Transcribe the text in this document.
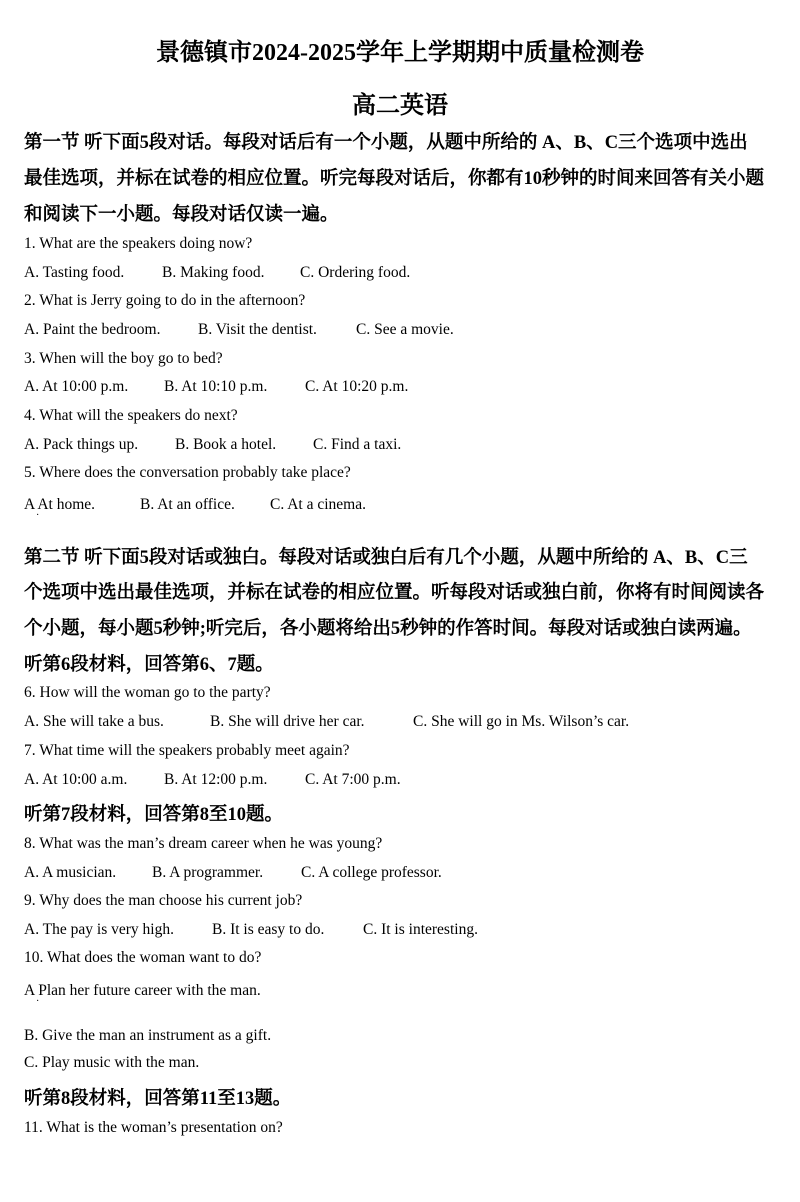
景德镇市2024-2025学年上学期期中质量检测卷
高二英语
第一节 听下面5段对话。每段对话后有一个小题，从题中所给的 A、B、C三个选项中选出
最佳选项，并标在试卷的相应位置。听完每段对话后，你都有10秒钟的时间来回答有关小题
和阅读下一小题。每段对话仅读一遍。
1. What are the speakers doing now?
A. Tasting food. B. Making food. C. Ordering food.
2. What is Jerry going to do in the afternoon?
A. Paint the bedroom. B. Visit the dentist.	C. See a movie.
3. When will the boy go to bed?
A. At 10:00 p.m. B. At 10:10 p.m. C. At 10:20 p.m.
4. What will the speakers do next?
A. Pack things up. B. Book a hotel. C. Find a taxi.
5. Where does the conversation probably take place?
A At home.
·
B. At an office. C. At a cinema.
第二节 听下面5段对话或独白。每段对话或独白后有几个小题，从题中所给的 A、B、C三
个选项中选出最佳选项，并标在试卷的相应位置。听每段对话或独白前，你将有时间阅读各
个小题，每小题5秒钟;听完后，各小题将给出5秒钟的作答时间。每段对话或独白读两遍。
听第6段材料，回答第6、7题。
6. How will the woman go to the party?
A. She will take a bus.	B. She will drive her car.	C. She will go in Ms. Wilson’s car.
7. What time will the speakers probably meet again?
A. At 10:00 a.m. B. At 12:00 p.m. C. At 7:00 p.m.
听第7段材料，回答第8至10题。
8. What was the man’s dream career when he was young?
A. A musician. B. A programmer. C. A college professor.
9. Why does the man choose his current job?
A. The pay is very high. B. It is easy to do. C. It is interesting.
10. What does the woman want to do?
A Plan her future career with the man.
·
B. Give the man an instrument as a gift.
C. Play music with the man.
听第8段材料，回答第11至13题。
11. What is the woman’s presentation on?
